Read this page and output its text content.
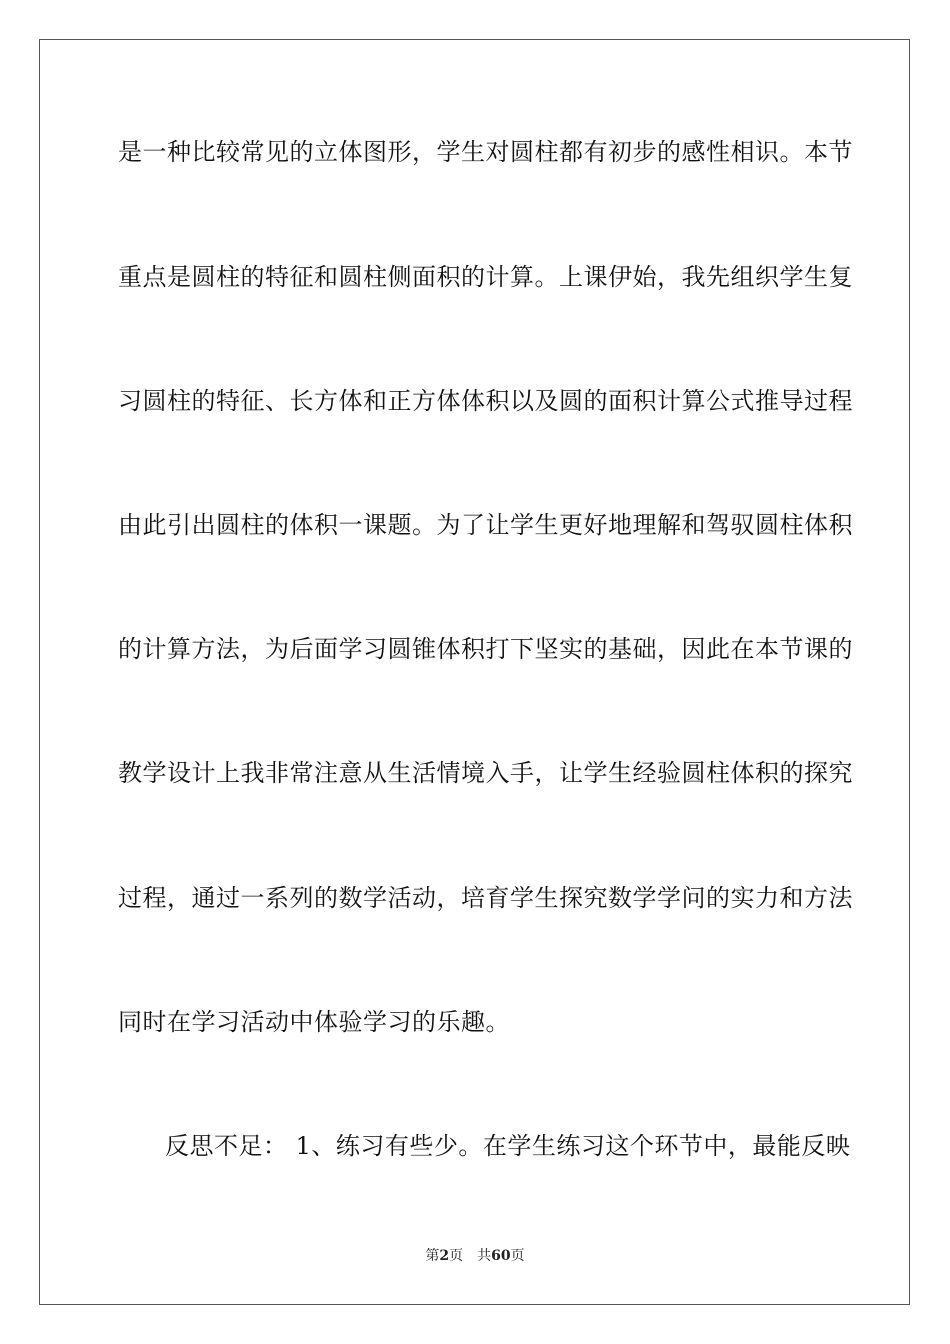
是一种比较常见的立体图形，学生对圆柱都有初步的感性相识。本节
重点是圆柱的特征和圆柱侧面积的计算。上课伊始，我先组织学生复
习圆柱的特征、长方体和正方体体积以及圆的面积计算公式推导过程
由此引出圆柱的体积一课题。为了让学生更好地理解和驾驭圆柱体积
的计算方法，为后面学习圆锥体积打下坚实的基础，因此在本节课的
教学设计上我非常注意从生活情境入手，让学生经验圆柱体积的探究
过程，通过一系列的数学活动，培育学生探究数学学问的实力和方法
同时在学习活动中体验学习的乐趣。
反思不足： 1、练习有些少。在学生练习这个环节中，最能反映
第2页 共60页
